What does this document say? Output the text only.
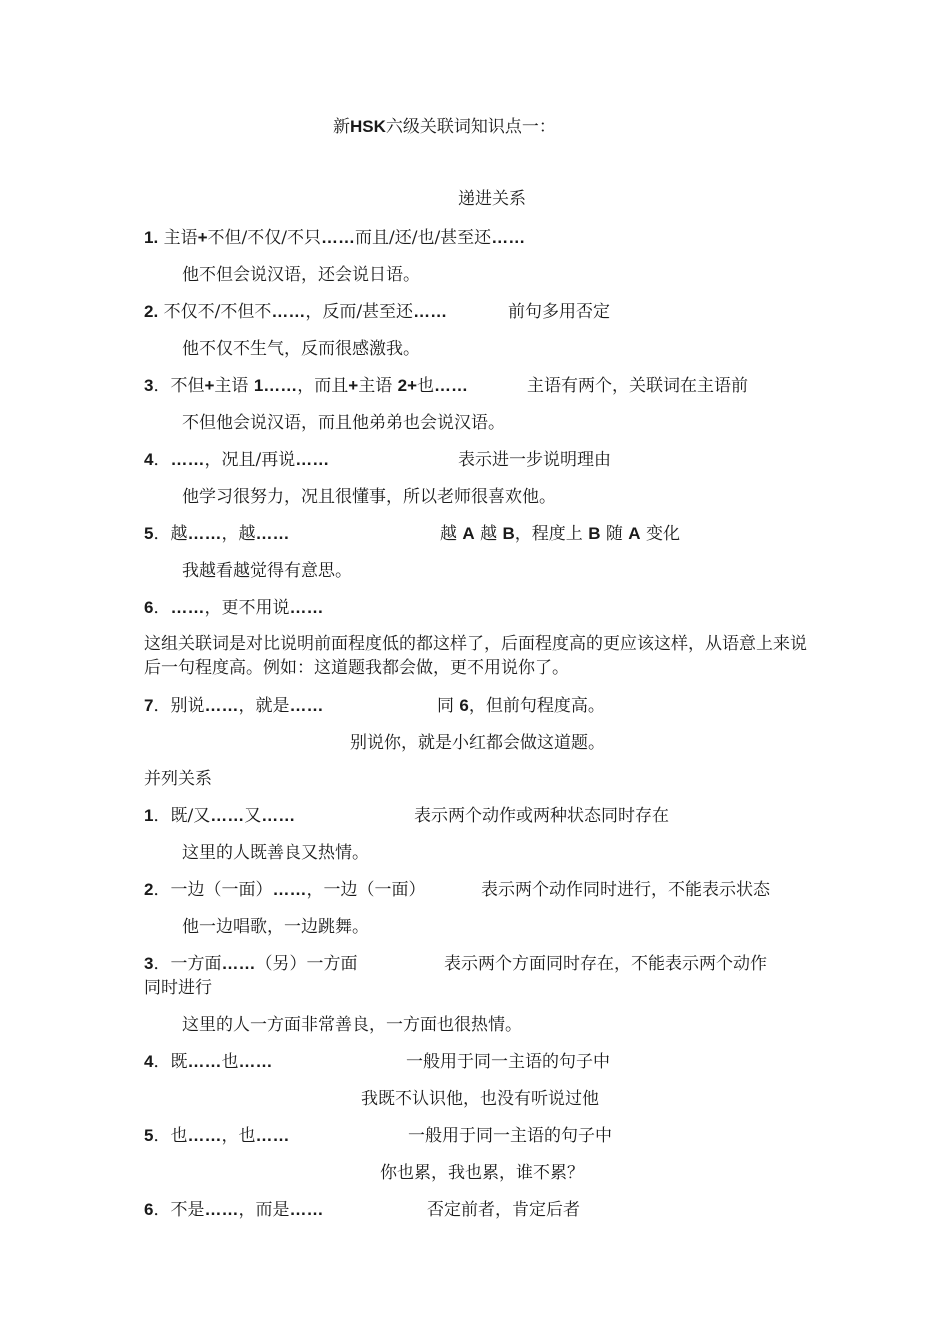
新HSK六级关联词知识点一：
递进关系
1. 主语+不但/不仅/不只……而且/还/也/甚至还……
他不但会说汉语，还会说日语。
2. 不仅不/不但不……，反而/甚至还……	前句多用否定
他不仅不生气，反而很感激我。
3．不但+主语 1……，而且+主语 2+也……	主语有两个，关联词在主语前
不但他会说汉语，而且他弟弟也会说汉语。
4．……，况且/再说……	表示进一步说明理由
他学习很努力，况且很懂事，所以老师很喜欢他。
5．越……，越……	越 A 越 B，程度上 B 随 A 变化
我越看越觉得有意思。
6．……，更不用说……
这组关联词是对比说明前面程度低的都这样了，后面程度高的更应该这样，从语意上来说后一句程度高。例如：这道题我都会做，更不用说你了。
7．别说……，就是……	同 6，但前句程度高。
别说你，就是小红都会做这道题。
并列关系
1．既/又……又……	表示两个动作或两种状态同时存在
这里的人既善良又热情。
2．一边（一面）……，一边（一面）	表示两个动作同时进行，不能表示状态
他一边唱歌，一边跳舞。
3．一方面……（另）一方面	表示两个方面同时存在，不能表示两个动作
同时进行
这里的人一方面非常善良，一方面也很热情。
4．既……也……	一般用于同一主语的句子中
我既不认识他，也没有听说过他
5．也……，也……	一般用于同一主语的句子中
你也累，我也累，谁不累？
6．不是……，而是……	否定前者，肯定后者
